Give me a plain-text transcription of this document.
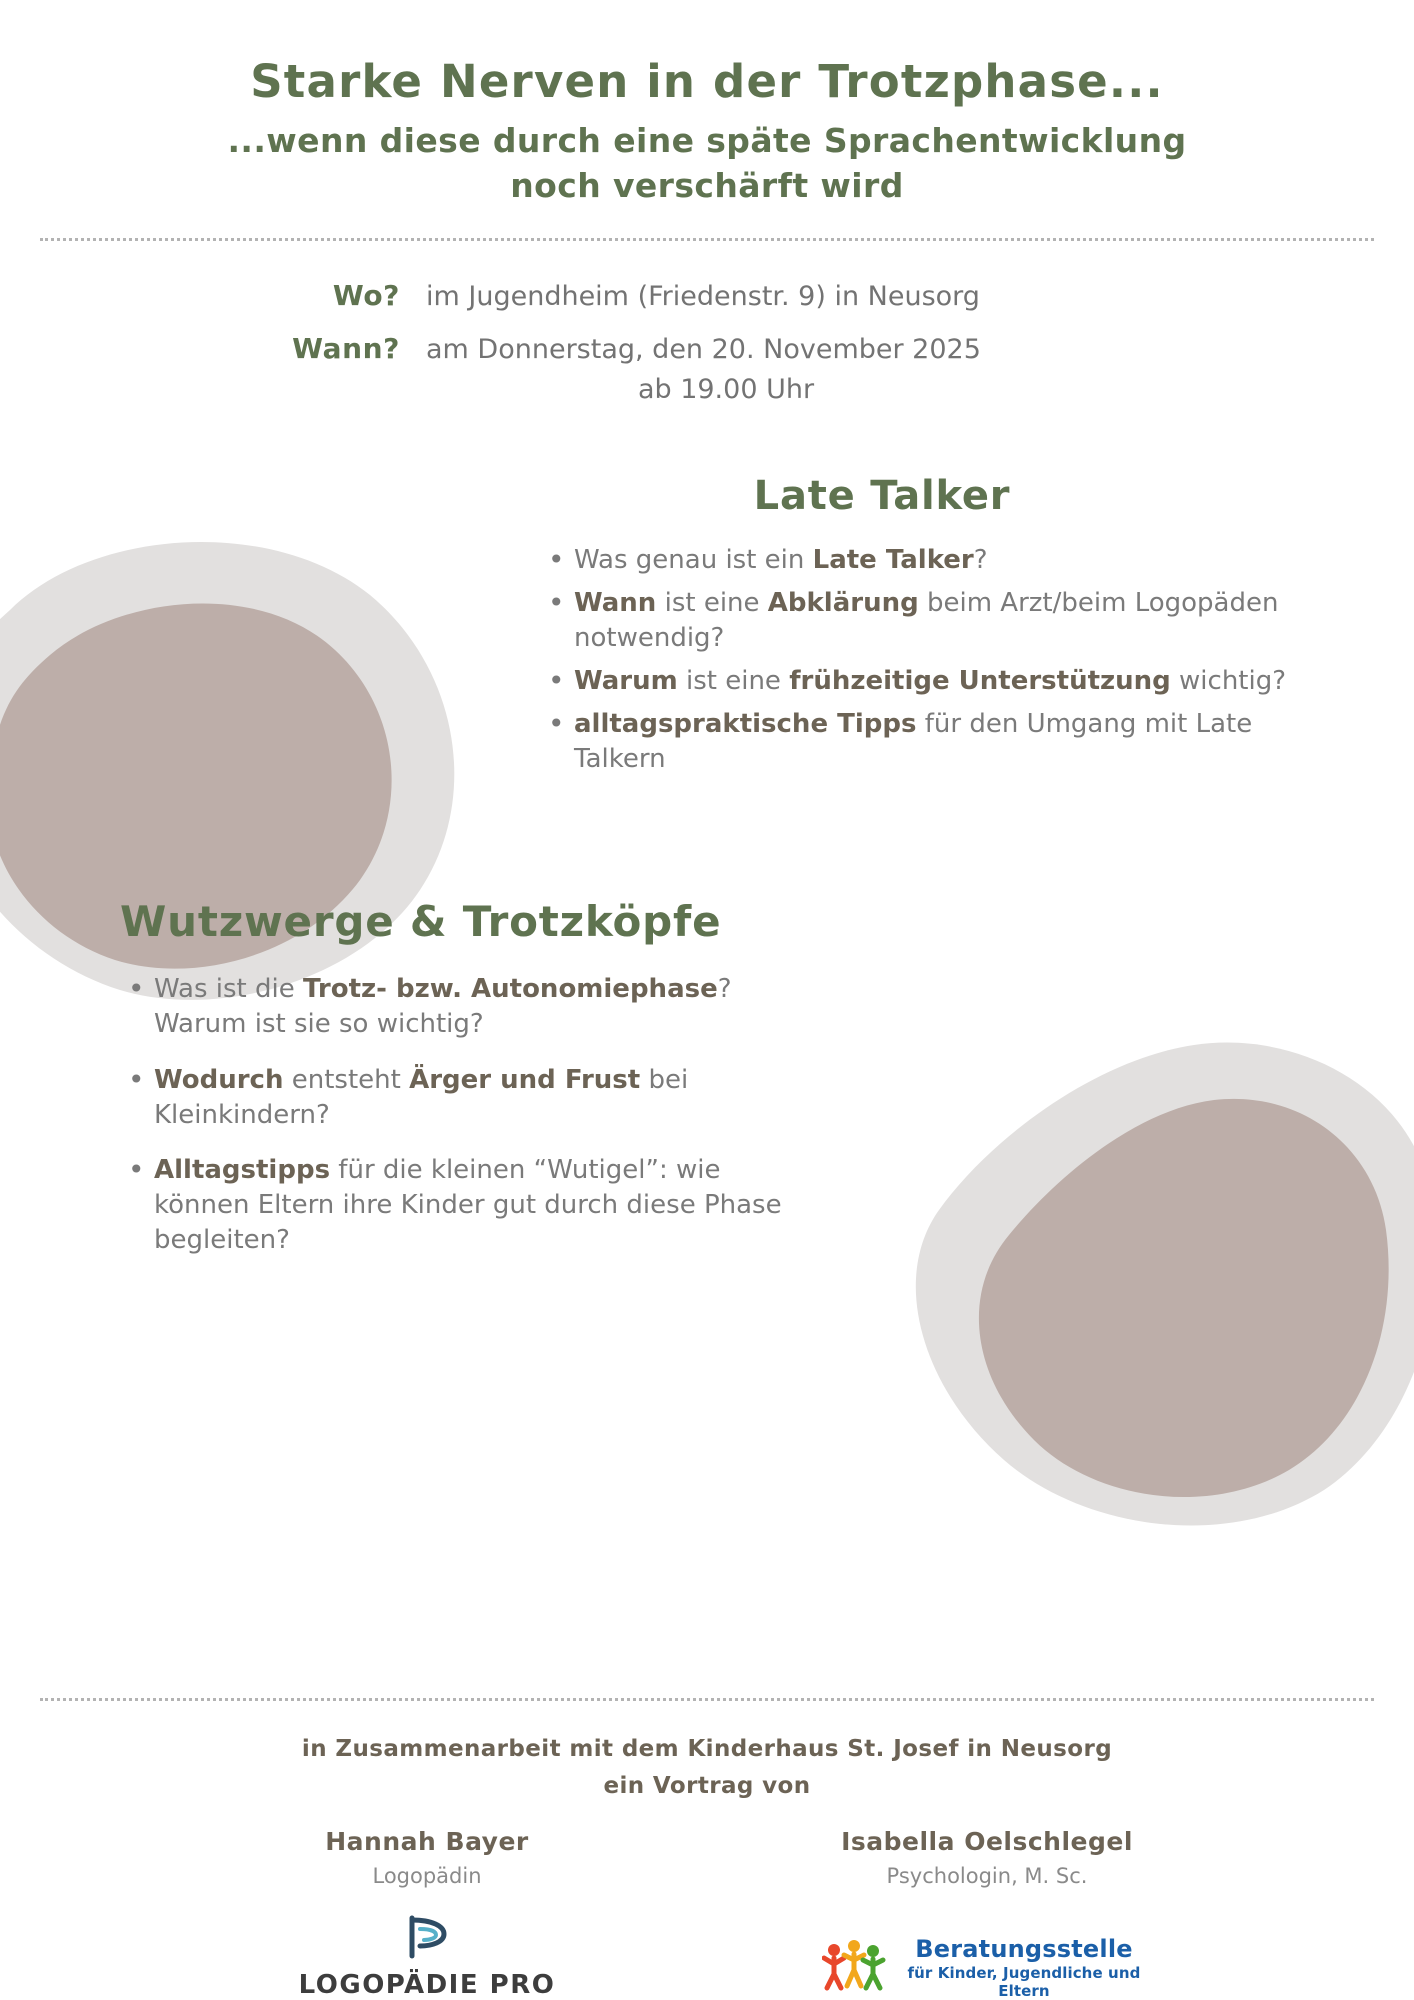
Starke Nerven in der Trotzphase...
...wenn diese durch eine späte Sprachentwicklung
noch verschärft wird
Wo? im Jugendheim (Friedenstr. 9) in Neusorg
Wann? am Donnerstag, den 20. November 2025
ab 19.00 Uhr
Late Talker
• Was genau ist ein Late Talker?
• Wann ist eine Abklärung beim Arzt/beim Logopäden notwendig?
• Warum ist eine frühzeitige Unterstützung wichtig?
• alltagspraktische Tipps für den Umgang mit Late Talkern
Wutzwerge & Trotzköpfe
• Was ist die Trotz- bzw. Autonomiephase? Warum ist sie so wichtig?
• Wodurch entsteht Ärger und Frust bei Kleinkindern?
• Alltagstipps für die kleinen “Wutigel”: wie können Eltern ihre Kinder gut durch diese Phase begleiten?
in Zusammenarbeit mit dem Kinderhaus St. Josef in Neusorg
ein Vortrag von
Hannah Bayer
Logopädin
LOGOPÄDIE PRO
Isabella Oelschlegel
Psychologin, M. Sc.
Beratungsstelle
für Kinder, Jugendliche und Eltern
